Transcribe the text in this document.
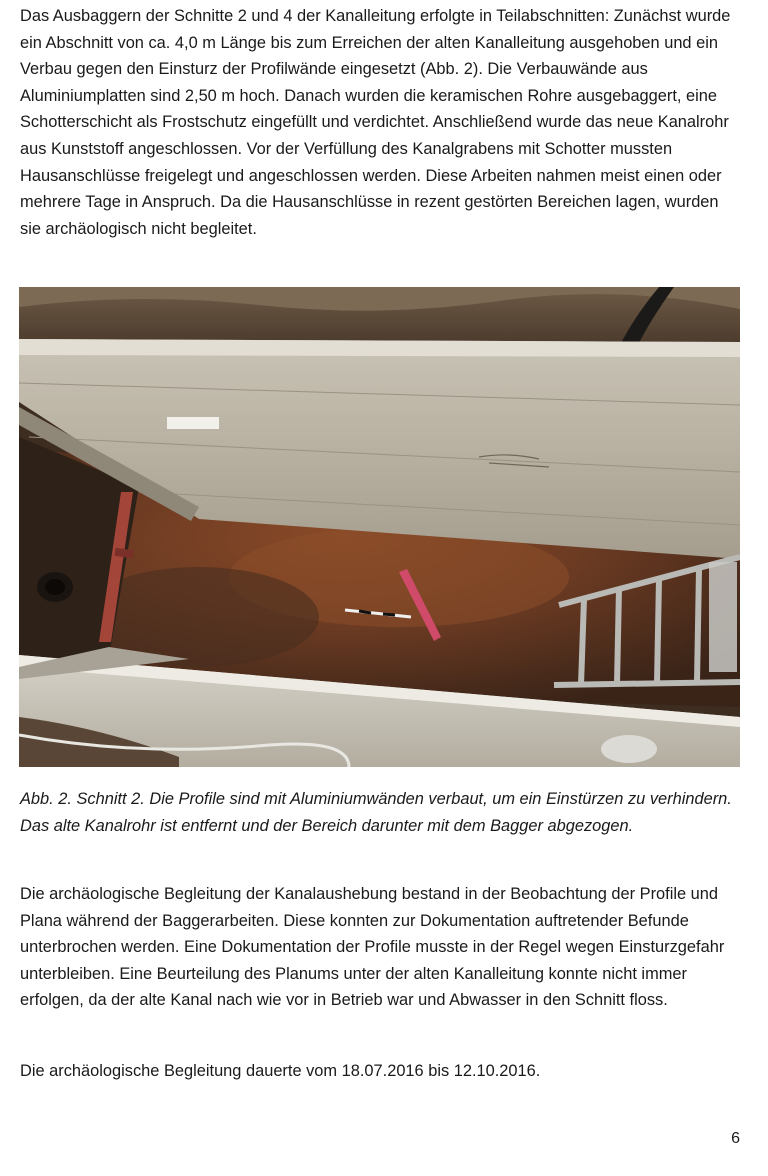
Das Ausbaggern der Schnitte 2 und 4 der Kanalleitung erfolgte in Teilabschnitten: Zunächst wurde ein Abschnitt von ca. 4,0 m Länge bis zum Erreichen der alten Kanalleitung ausgehoben und ein Verbau gegen den Einsturz der Profilwände eingesetzt (Abb. 2). Die Verbauwände aus Aluminiumplatten sind 2,50 m hoch. Danach wurden die keramischen Rohre ausgebaggert, eine Schotterschicht als Frostschutz eingefüllt und verdichtet. Anschließend wurde das neue Kanalrohr aus Kunststoff angeschlossen. Vor der Verfüllung des Kanalgrabens mit Schotter mussten Hausanschlüsse freigelegt und angeschlossen werden. Diese Arbeiten nahmen meist einen oder mehrere Tage in Anspruch. Da die Hausanschlüsse in rezent gestörten Bereichen lagen, wurden sie archäologisch nicht begleitet.

Abb. 2. Schnitt 2. Die Profile sind mit Aluminiumwänden verbaut, um ein Einstürzen zu verhindern. Das alte Kanalrohr ist entfernt und der Bereich darunter mit dem Bagger abgezogen.

Die archäologische Begleitung der Kanalaushebung bestand in der Beobachtung der Profile und Plana während der Baggerarbeiten. Diese konnten zur Dokumentation auftretender Befunde unterbrochen werden. Eine Dokumentation der Profile musste in der Regel wegen Einsturzgefahr unterbleiben. Eine Beurteilung des Planums unter der alten Kanalleitung konnte nicht immer erfolgen, da der alte Kanal nach wie vor in Betrieb war und Abwasser in den Schnitt floss.

Die archäologische Begleitung dauerte vom 18.07.2016 bis 12.10.2016.

6
